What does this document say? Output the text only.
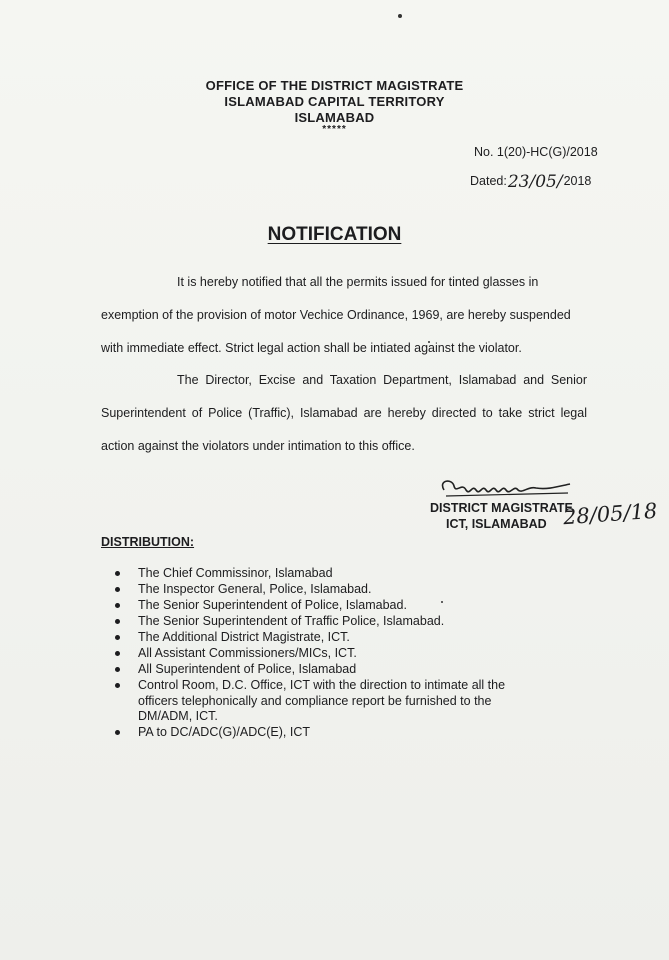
OFFICE OF THE DISTRICT MAGISTRATE
ISLAMABAD CAPITAL TERRITORY
ISLAMABAD
*****
No. 1(20)-HC(G)/2018
Dated: 23/05/ 2018
NOTIFICATION
It is hereby notified that all the permits issued for tinted glasses in exemption of the provision of motor Vechice Ordinance, 1969, are hereby suspended with immediate effect. Strict legal action shall be intiated against the violator.
The Director, Excise and Taxation Department, Islamabad and Senior Superintendent of Police (Traffic), Islamabad are hereby directed to take strict legal action against the violators under intimation to this office.
DISTRICT MAGISTRATE
ICT, ISLAMABAD 28/05/18
DISTRIBUTION:
The Chief Commissinor, Islamabad
The Inspector General, Police, Islamabad.
The Senior Superintendent of Police, Islamabad.
The Senior Superintendent of Traffic Police, Islamabad.
The Additional District Magistrate, ICT.
All Assistant Commissioners/MICs, ICT.
All Superintendent of Police, Islamabad
Control Room, D.C. Office, ICT with the direction to intimate all the officers telephonically and compliance report be furnished to the DM/ADM, ICT.
PA to DC/ADC(G)/ADC(E), ICT
